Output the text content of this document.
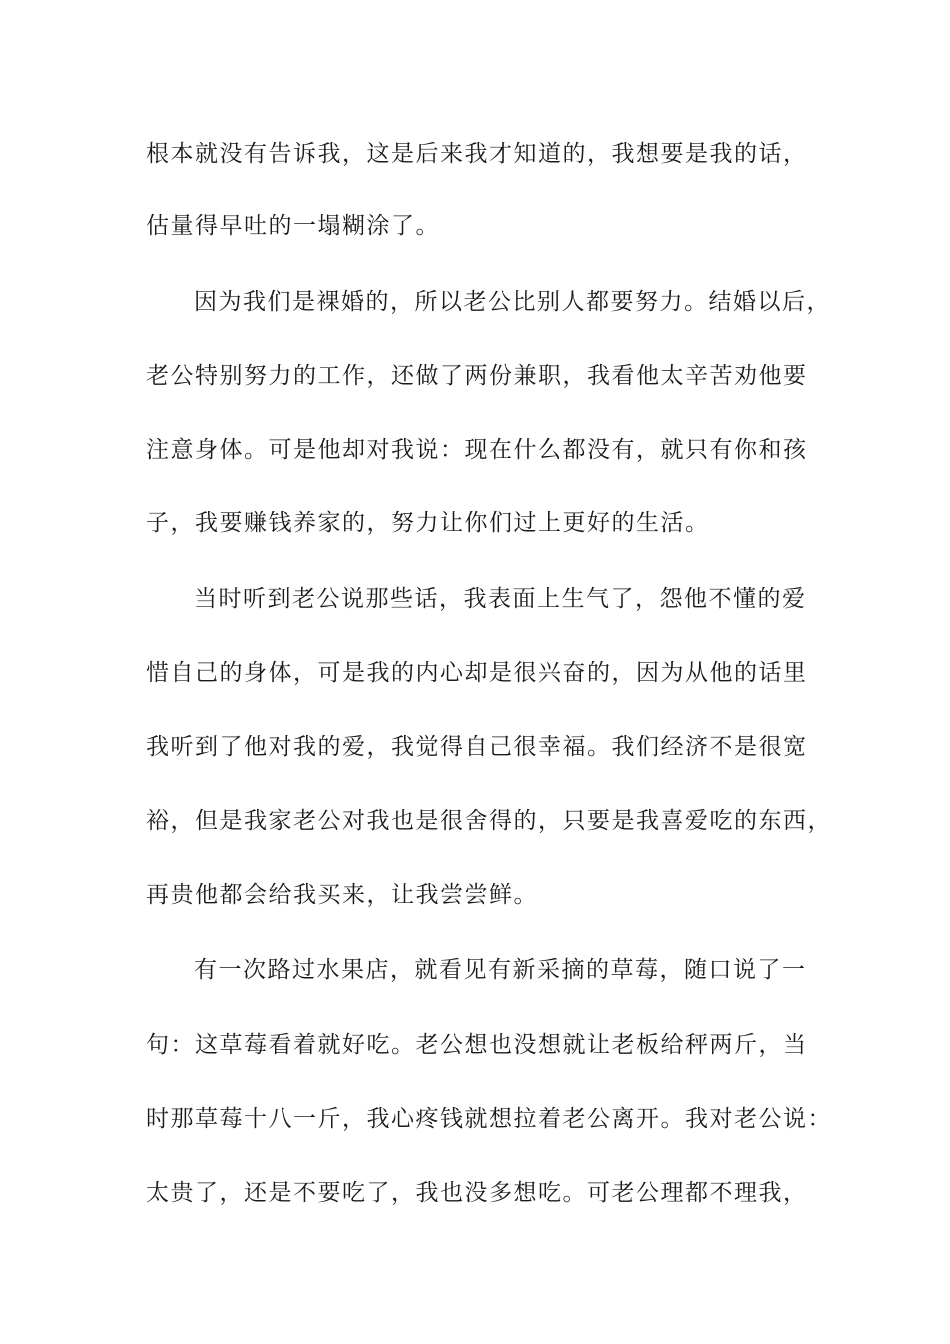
根本就没有告诉我，这是后来我才知道的，我想要是我的话，
估量得早吐的一塌糊涂了。
因为我们是裸婚的，所以老公比别人都要努力。结婚以后，
老公特别努力的工作，还做了两份兼职，我看他太辛苦劝他要
注意身体。可是他却对我说：现在什么都没有，就只有你和孩
子，我要赚钱养家的，努力让你们过上更好的生活。
当时听到老公说那些话，我表面上生气了，怨他不懂的爱
惜自己的身体，可是我的内心却是很兴奋的，因为从他的话里
我听到了他对我的爱，我觉得自己很幸福。我们经济不是很宽
裕，但是我家老公对我也是很舍得的，只要是我喜爱吃的东西，
再贵他都会给我买来，让我尝尝鲜。
有一次路过水果店，就看见有新采摘的草莓，随口说了一
句：这草莓看着就好吃。老公想也没想就让老板给秤两斤，当
时那草莓十八一斤，我心疼钱就想拉着老公离开。我对老公说：
太贵了，还是不要吃了，我也没多想吃。可老公理都不理我，
